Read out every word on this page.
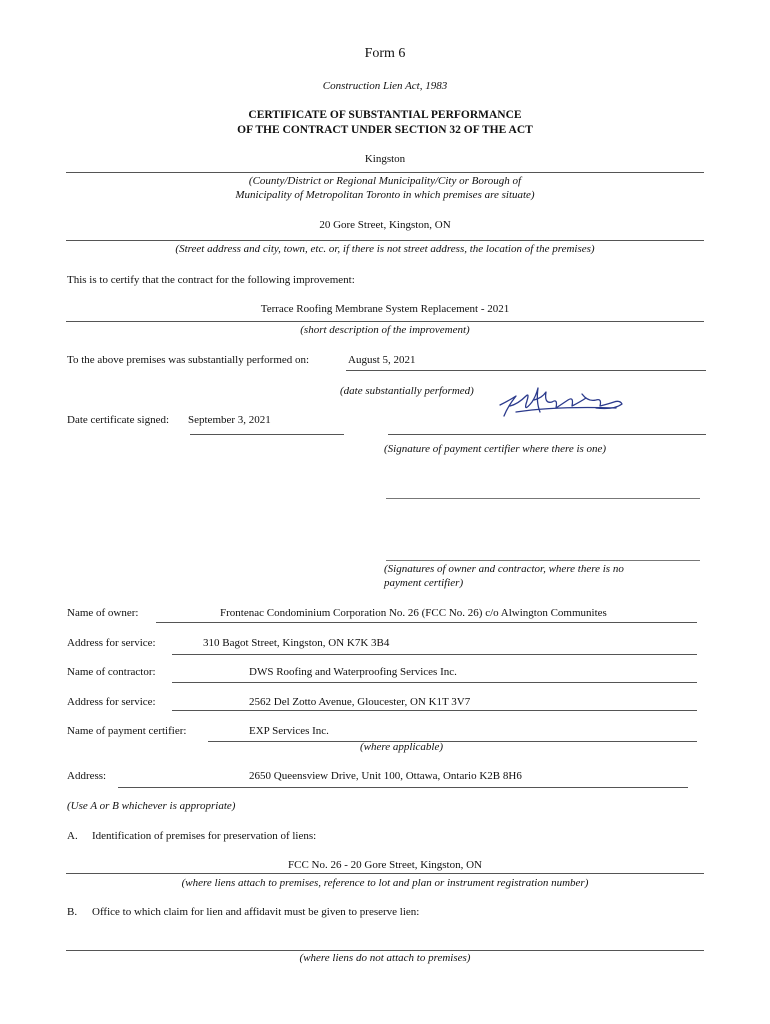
Form 6
Construction Lien Act, 1983
CERTIFICATE OF SUBSTANTIAL PERFORMANCE
OF THE CONTRACT UNDER SECTION 32 OF THE ACT
Kingston
(County/District or Regional Municipality/City or Borough of
Municipality of Metropolitan Toronto in which premises are situate)
20 Gore Street, Kingston, ON
(Street address and city, town, etc. or, if there is not street address, the location of the premises)
This is to certify that the contract for the following improvement:
Terrace Roofing Membrane System Replacement - 2021
(short description of the improvement)
To the above premises was substantially performed on:	August 5, 2021
(date substantially performed)
Date certificate signed: September 3, 2021
(Signature of payment certifier where there is one)
(Signatures of owner and contractor, where there is no
payment certifier)
Name of owner:	Frontenac Condominium Corporation No. 26 (FCC No. 26) c/o Alwington Communites
Address for service:	310 Bagot Street, Kingston, ON K7K 3B4
Name of contractor:	DWS Roofing and Waterproofing Services Inc.
Address for service:	2562 Del Zotto Avenue, Gloucester, ON K1T 3V7
Name of payment certifier:	EXP Services Inc.
(where applicable)
Address:	2650 Queensview Drive, Unit 100, Ottawa, Ontario K2B 8H6
(Use A or B whichever is appropriate)
A. Identification of premises for preservation of liens:
FCC No. 26 - 20 Gore Street, Kingston, ON
(where liens attach to premises, reference to lot and plan or instrument registration number)
B. Office to which claim for lien and affidavit must be given to preserve lien:
(where liens do not attach to premises)
